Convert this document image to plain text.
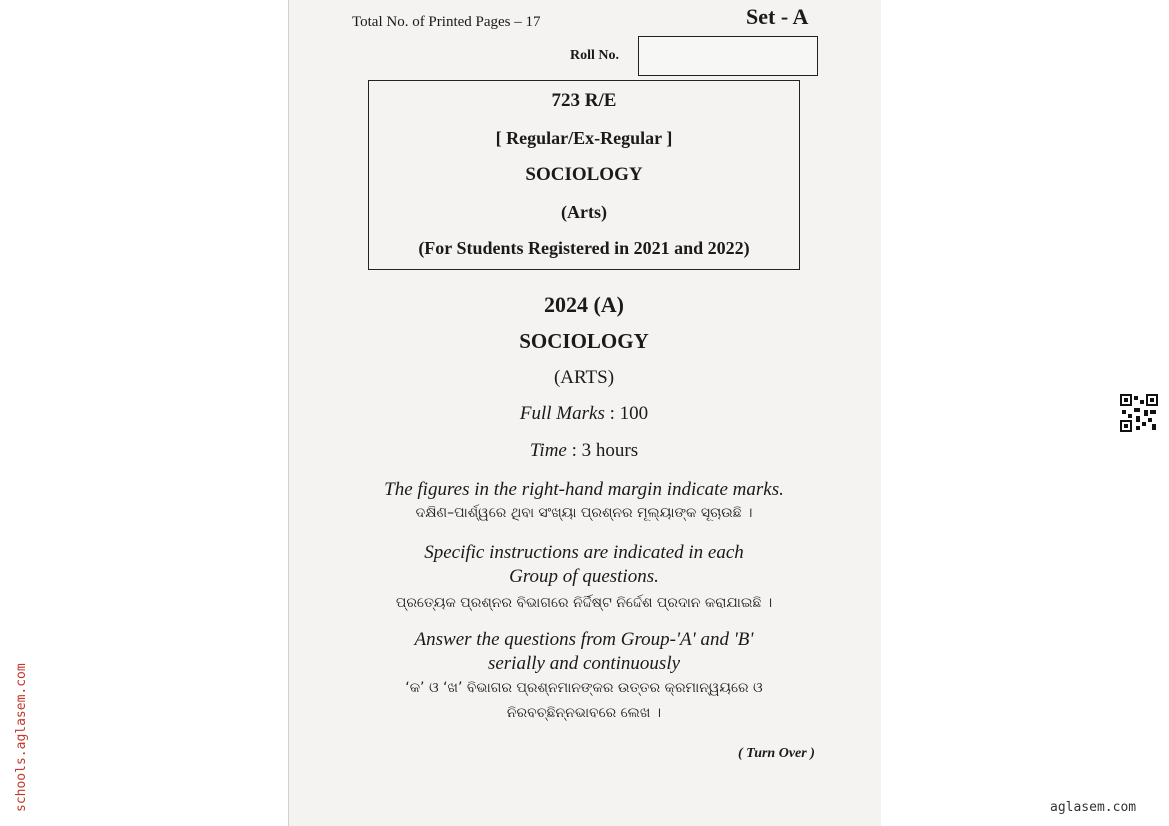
Total No. of Printed Pages – 17	Set - A
Roll No.
723 R/E
[ Regular/Ex-Regular ]
SOCIOLOGY
(Arts)
(For Students Registered in 2021 and 2022)
2024 (A)
SOCIOLOGY
(ARTS)
Full Marks : 100
Time : 3 hours
The figures in the right-hand margin indicate marks.
ଦକ୍ଷିଣ–ପାର୍ଶ୍ୱରେ ଥିବା ସଂଖ୍ୟା ପ୍ରଶ୍ନର ମୂଲ୍ୟାଙ୍କ ସୂଚାଉଛି ।
Specific instructions are indicated in each
Group of questions.
ପ୍ରତ୍ୟେକ ପ୍ରଶ୍ନର ବିଭାଗରେ ନିର୍ଦ୍ଦିଷ୍ଟ ନିର୍ଦ୍ଦେଶ ପ୍ରଦାନ କରାଯାଇଛି ।
Answer the questions from Group-'A' and 'B'
serially and continuously
‘କ’ ଓ ‘ଖ’ ବିଭାଗର ପ୍ରଶ୍ନମାନଙ୍କର ଉତ୍ତର କ୍ରମାନ୍ୱୟରେ ଓ
ନିରବଚ୍ଛିନ୍ନଭାବରେ ଲେଖ ।
( Turn Over )
schools.aglasem.com	aglasem.com
